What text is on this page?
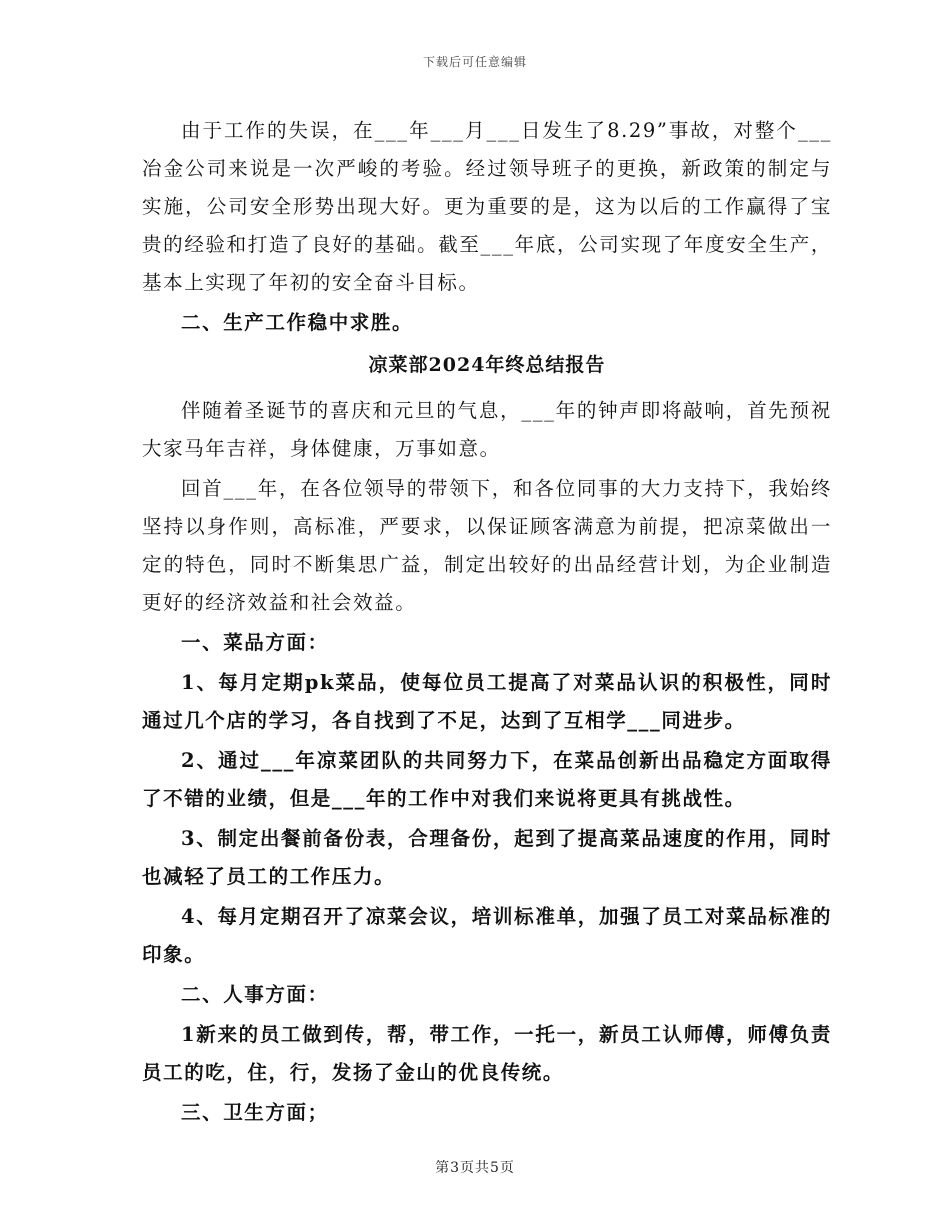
下载后可任意编辑

由于工作的失误，在___年___月___日发生了8.29”事故，对整个___冶金公司来说是一次严峻的考验。经过领导班子的更换，新政策的制定与实施，公司安全形势出现大好。更为重要的是，这为以后的工作赢得了宝贵的经验和打造了良好的基础。截至___年底，公司实现了年度安全生产，基本上实现了年初的安全奋斗目标。

二、生产工作稳中求胜。

凉菜部2024年终总结报告

伴随着圣诞节的喜庆和元旦的气息，___年的钟声即将敲响，首先预祝大家马年吉祥，身体健康，万事如意。

回首___年，在各位领导的带领下，和各位同事的大力支持下，我始终坚持以身作则，高标准，严要求，以保证顾客满意为前提，把凉菜做出一定的特色，同时不断集思广益，制定出较好的出品经营计划，为企业制造更好的经济效益和社会效益。

一、菜品方面：

1、每月定期pk菜品，使每位员工提高了对菜品认识的积极性，同时通过几个店的学习，各自找到了不足，达到了互相学___同进步。

2、通过___年凉菜团队的共同努力下，在菜品创新出品稳定方面取得了不错的业绩，但是___年的工作中对我们来说将更具有挑战性。

3、制定出餐前备份表，合理备份，起到了提高菜品速度的作用，同时也减轻了员工的工作压力。

4、每月定期召开了凉菜会议，培训标准单，加强了员工对菜品标准的印象。

二、人事方面：

1新来的员工做到传，帮，带工作，一托一，新员工认师傅，师傅负责员工的吃，住，行，发扬了金山的优良传统。

三、卫生方面；

第3页共5页
